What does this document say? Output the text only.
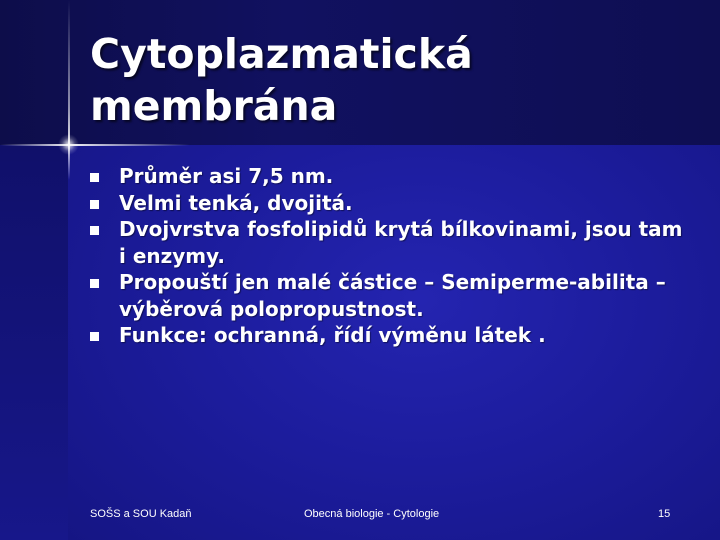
Cytoplazmatická
membrána
Průměr asi 7,5 nm.
Velmi tenká, dvojitá.
Dvojvrstva fosfolipidů krytá bílkovinami, jsou tam i enzymy.
Propouští jen malé částice – Semiperme-abilita – výběrová polopropustnost.
Funkce: ochranná, řídí výměnu látek .
SOŠS a SOU Kadaň	Obecná biologie - Cytologie	15
